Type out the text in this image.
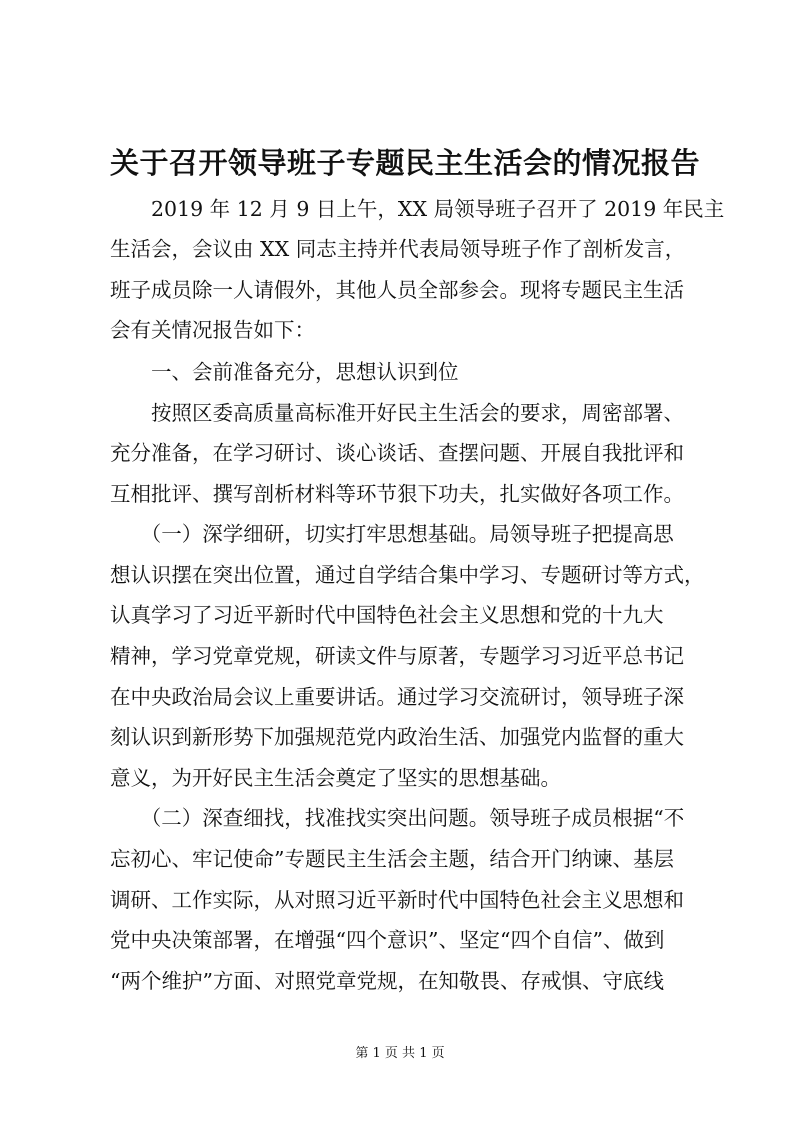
关于召开领导班子专题民主生活会的情况报告
　　2019 年 12 月 9 日上午，XX 局领导班子召开了 2019 年民主
生活会，会议由 XX 同志主持并代表局领导班子作了剖析发言，
班子成员除一人请假外，其他人员全部参会。现将专题民主生活
会有关情况报告如下：
　　一、会前准备充分，思想认识到位
　　按照区委高质量高标准开好民主生活会的要求，周密部署、
充分准备，在学习研讨、谈心谈话、查摆问题、开展自我批评和
互相批评、撰写剖析材料等环节狠下功夫，扎实做好各项工作。
　　（一）深学细研，切实打牢思想基础。局领导班子把提高思
想认识摆在突出位置，通过自学结合集中学习、专题研讨等方式，
认真学习了习近平新时代中国特色社会主义思想和党的十九大
精神，学习党章党规，研读文件与原著，专题学习习近平总书记
在中央政治局会议上重要讲话。通过学习交流研讨，领导班子深
刻认识到新形势下加强规范党内政治生活、加强党内监督的重大
意义，为开好民主生活会奠定了坚实的思想基础。
　　（二）深查细找，找准找实突出问题。领导班子成员根据“不
忘初心、牢记使命”专题民主生活会主题，结合开门纳谏、基层
调研、工作实际，从对照习近平新时代中国特色社会主义思想和
党中央决策部署，在增强“四个意识”、坚定“四个自信”、做到
“两个维护”方面、对照党章党规，在知敬畏、存戒惧、守底线
第 1 页 共 1 页
